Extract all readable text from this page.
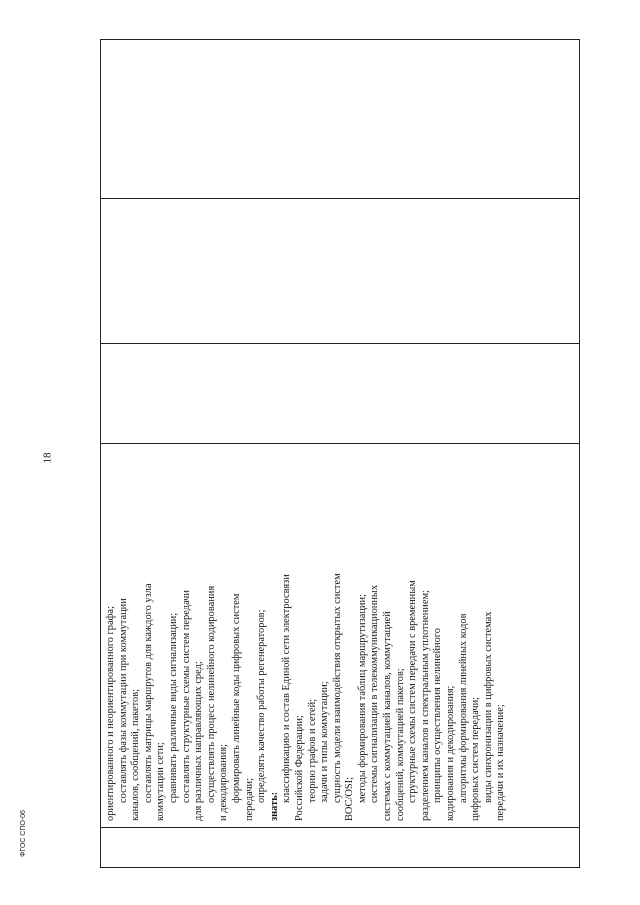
18

ориентированного и неориентированного графа; составлять фазы коммутации при коммутации каналов, сообщений, пакетов; составлять матрицы маршрутов для каждого узла коммутации сети; сравнивать различные виды сигнализации; составлять структурные схемы систем передачи для различных направляющих сред; осуществлять процесс нелинейного кодирования и декодирования; формировать линейные коды цифровых систем передачи; определять качество работы регенераторов;
знать:
классификацию и состав Единой сети электросвязи Российской Федерации; теорию графов и сетей; задачи и типы коммутации; сущность модели взаимодействия открытых систем ВОС/OSI; методы формирования таблиц маршрутизации; системы сигнализации в телекоммуникационных системах с коммутацией каналов, коммутацией сообщений, коммутацией пакетов; структурные схемы систем передачи с временным разделением каналов и спектральным уплотнением; принципы осуществления нелинейного кодирования и декодирования; алгоритмы формирования линейных кодов цифровых систем передачи; виды синхронизации в цифровых системах передачи и их назначение;

ФГОС СПО-06
